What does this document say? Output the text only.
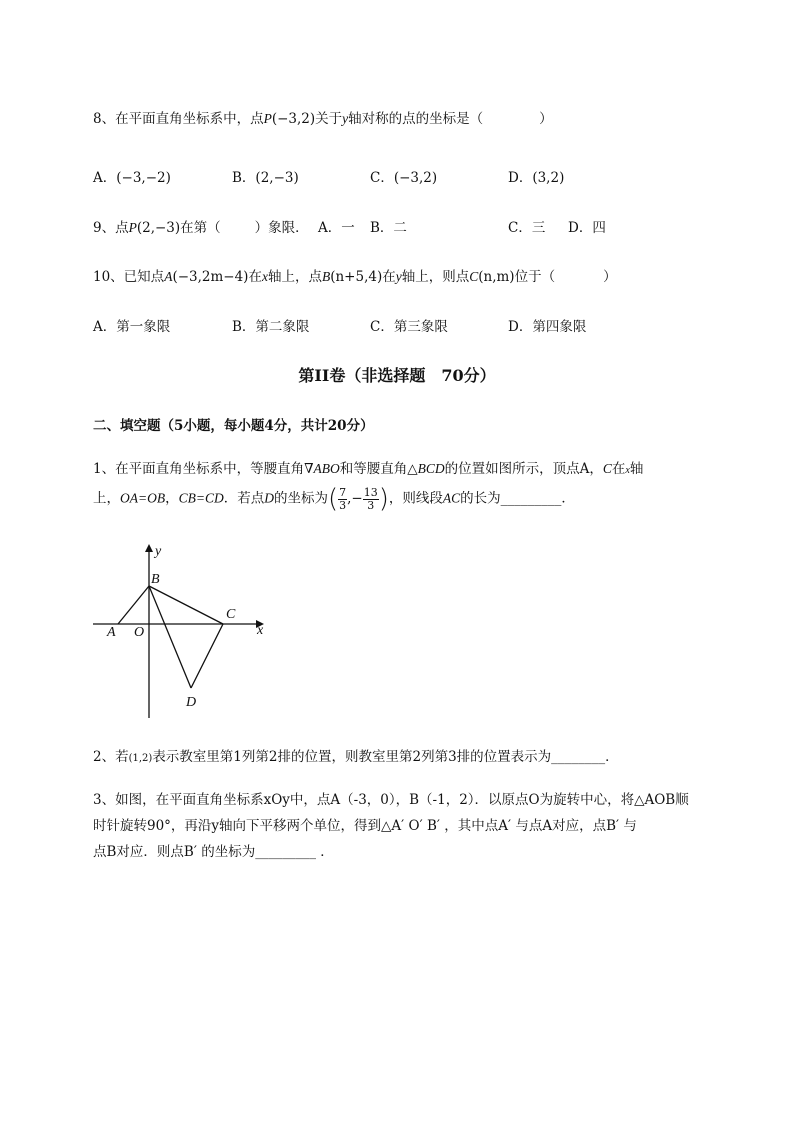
8、在平面直角坐标系中，点P(−3,2)关于y轴对称的点的坐标是（	）
A．(−3,−2)	B．(2,−3)	C．(−3,2)	D．(3,2)
9、点P(2,−3)在第（	）象限． A．一 B．二	C．三 D．四
10、已知点A(−3,2m−4)在x轴上，点B(n+5,4)在y轴上，则点C(n,m)位于（	）
A．第一象限	B．第二象限	C．第三象限	D．第四象限
第II卷（非选择题　70分）
二、填空题（5小题，每小题4分，共计20分）
1、在平面直角坐标系中，等腰直角∇ABO和等腰直角△BCD的位置如图所示，顶点A，C在x轴
上，OA=OB，CB=CD．若点D的坐标为( $\frac{7}{3}$ ,− $\frac{13}{3}$ )，则线段AC的长为_________．
y
x
A O
B
C
D
2、若(1,2)表示教室里第1列第2排的位置，则教室里第2列第3排的位置表示为________．
3、如图，在平面直角坐标系xOy中，点A（-3，0），B（-1，2）．以原点O为旋转中心，将△AOB顺
时针旋转90°，再沿y轴向下平移两个单位，得到△A′ O′ B′ ，其中点A′ 与点A对应，点B′ 与
点B对应．则点B′ 的坐标为_________ ．
